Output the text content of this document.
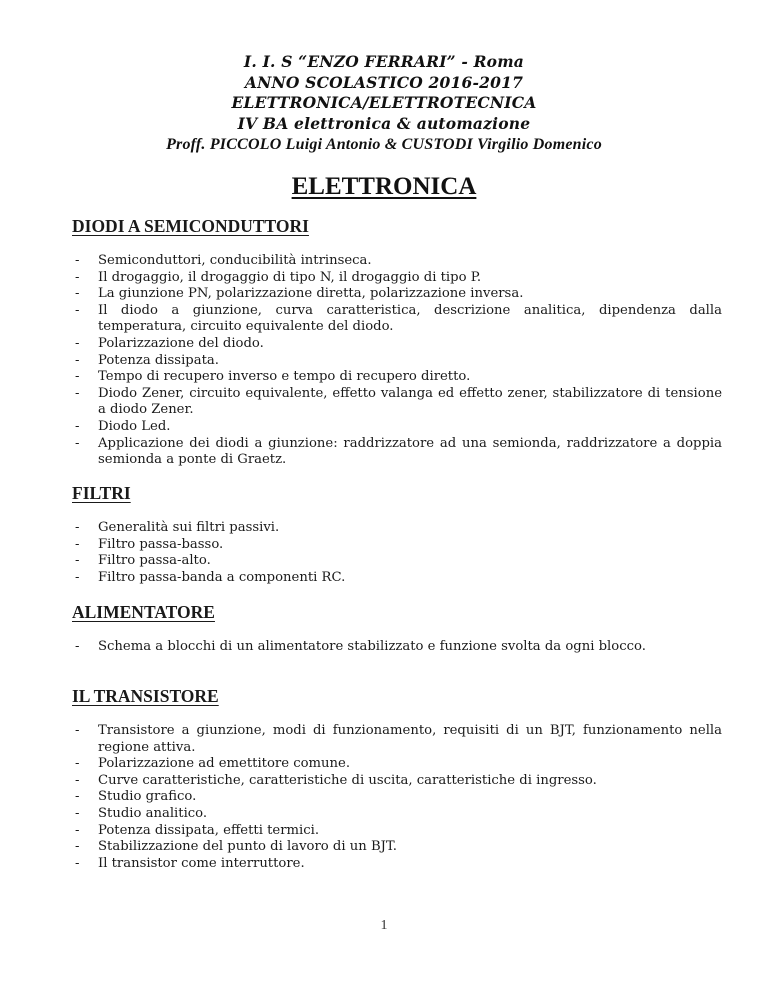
I. I. S “ENZO FERRARI” - Roma
ANNO SCOLASTICO 2016-2017
ELETTRONICA/ELETTROTECNICA
IV BA elettronica & automazione
Proff. PICCOLO Luigi Antonio & CUSTODI Virgilio Domenico
ELETTRONICA
DIODI A SEMICONDUTTORI
- Semiconduttori, conducibilità intrinseca.
- Il drogaggio, il drogaggio di tipo N, il drogaggio di tipo P.
- La giunzione PN, polarizzazione diretta, polarizzazione inversa.
- Il diodo a giunzione, curva caratteristica, descrizione analitica, dipendenza dalla temperatura, circuito equivalente del diodo.
- Polarizzazione del diodo.
- Potenza dissipata.
- Tempo di recupero inverso e tempo di recupero diretto.
- Diodo Zener, circuito equivalente, effetto valanga ed effetto zener, stabilizzatore di tensione a diodo Zener.
- Diodo Led.
- Applicazione dei diodi a giunzione: raddrizzatore ad una semionda, raddrizzatore a doppia semionda a ponte di Graetz.
FILTRI
- Generalità sui filtri passivi.
- Filtro passa-basso.
- Filtro passa-alto.
- Filtro passa-banda a componenti RC.
ALIMENTATORE
- Schema a blocchi di un alimentatore stabilizzato e funzione svolta da ogni blocco.
IL TRANSISTORE
- Transistore a giunzione, modi di funzionamento, requisiti di un BJT, funzionamento nella regione attiva.
- Polarizzazione ad emettitore comune.
- Curve caratteristiche, caratteristiche di uscita, caratteristiche di ingresso.
- Studio grafico.
- Studio analitico.
- Potenza dissipata, effetti termici.
- Stabilizzazione del punto di lavoro di un BJT.
- Il transistor come interruttore.
1
